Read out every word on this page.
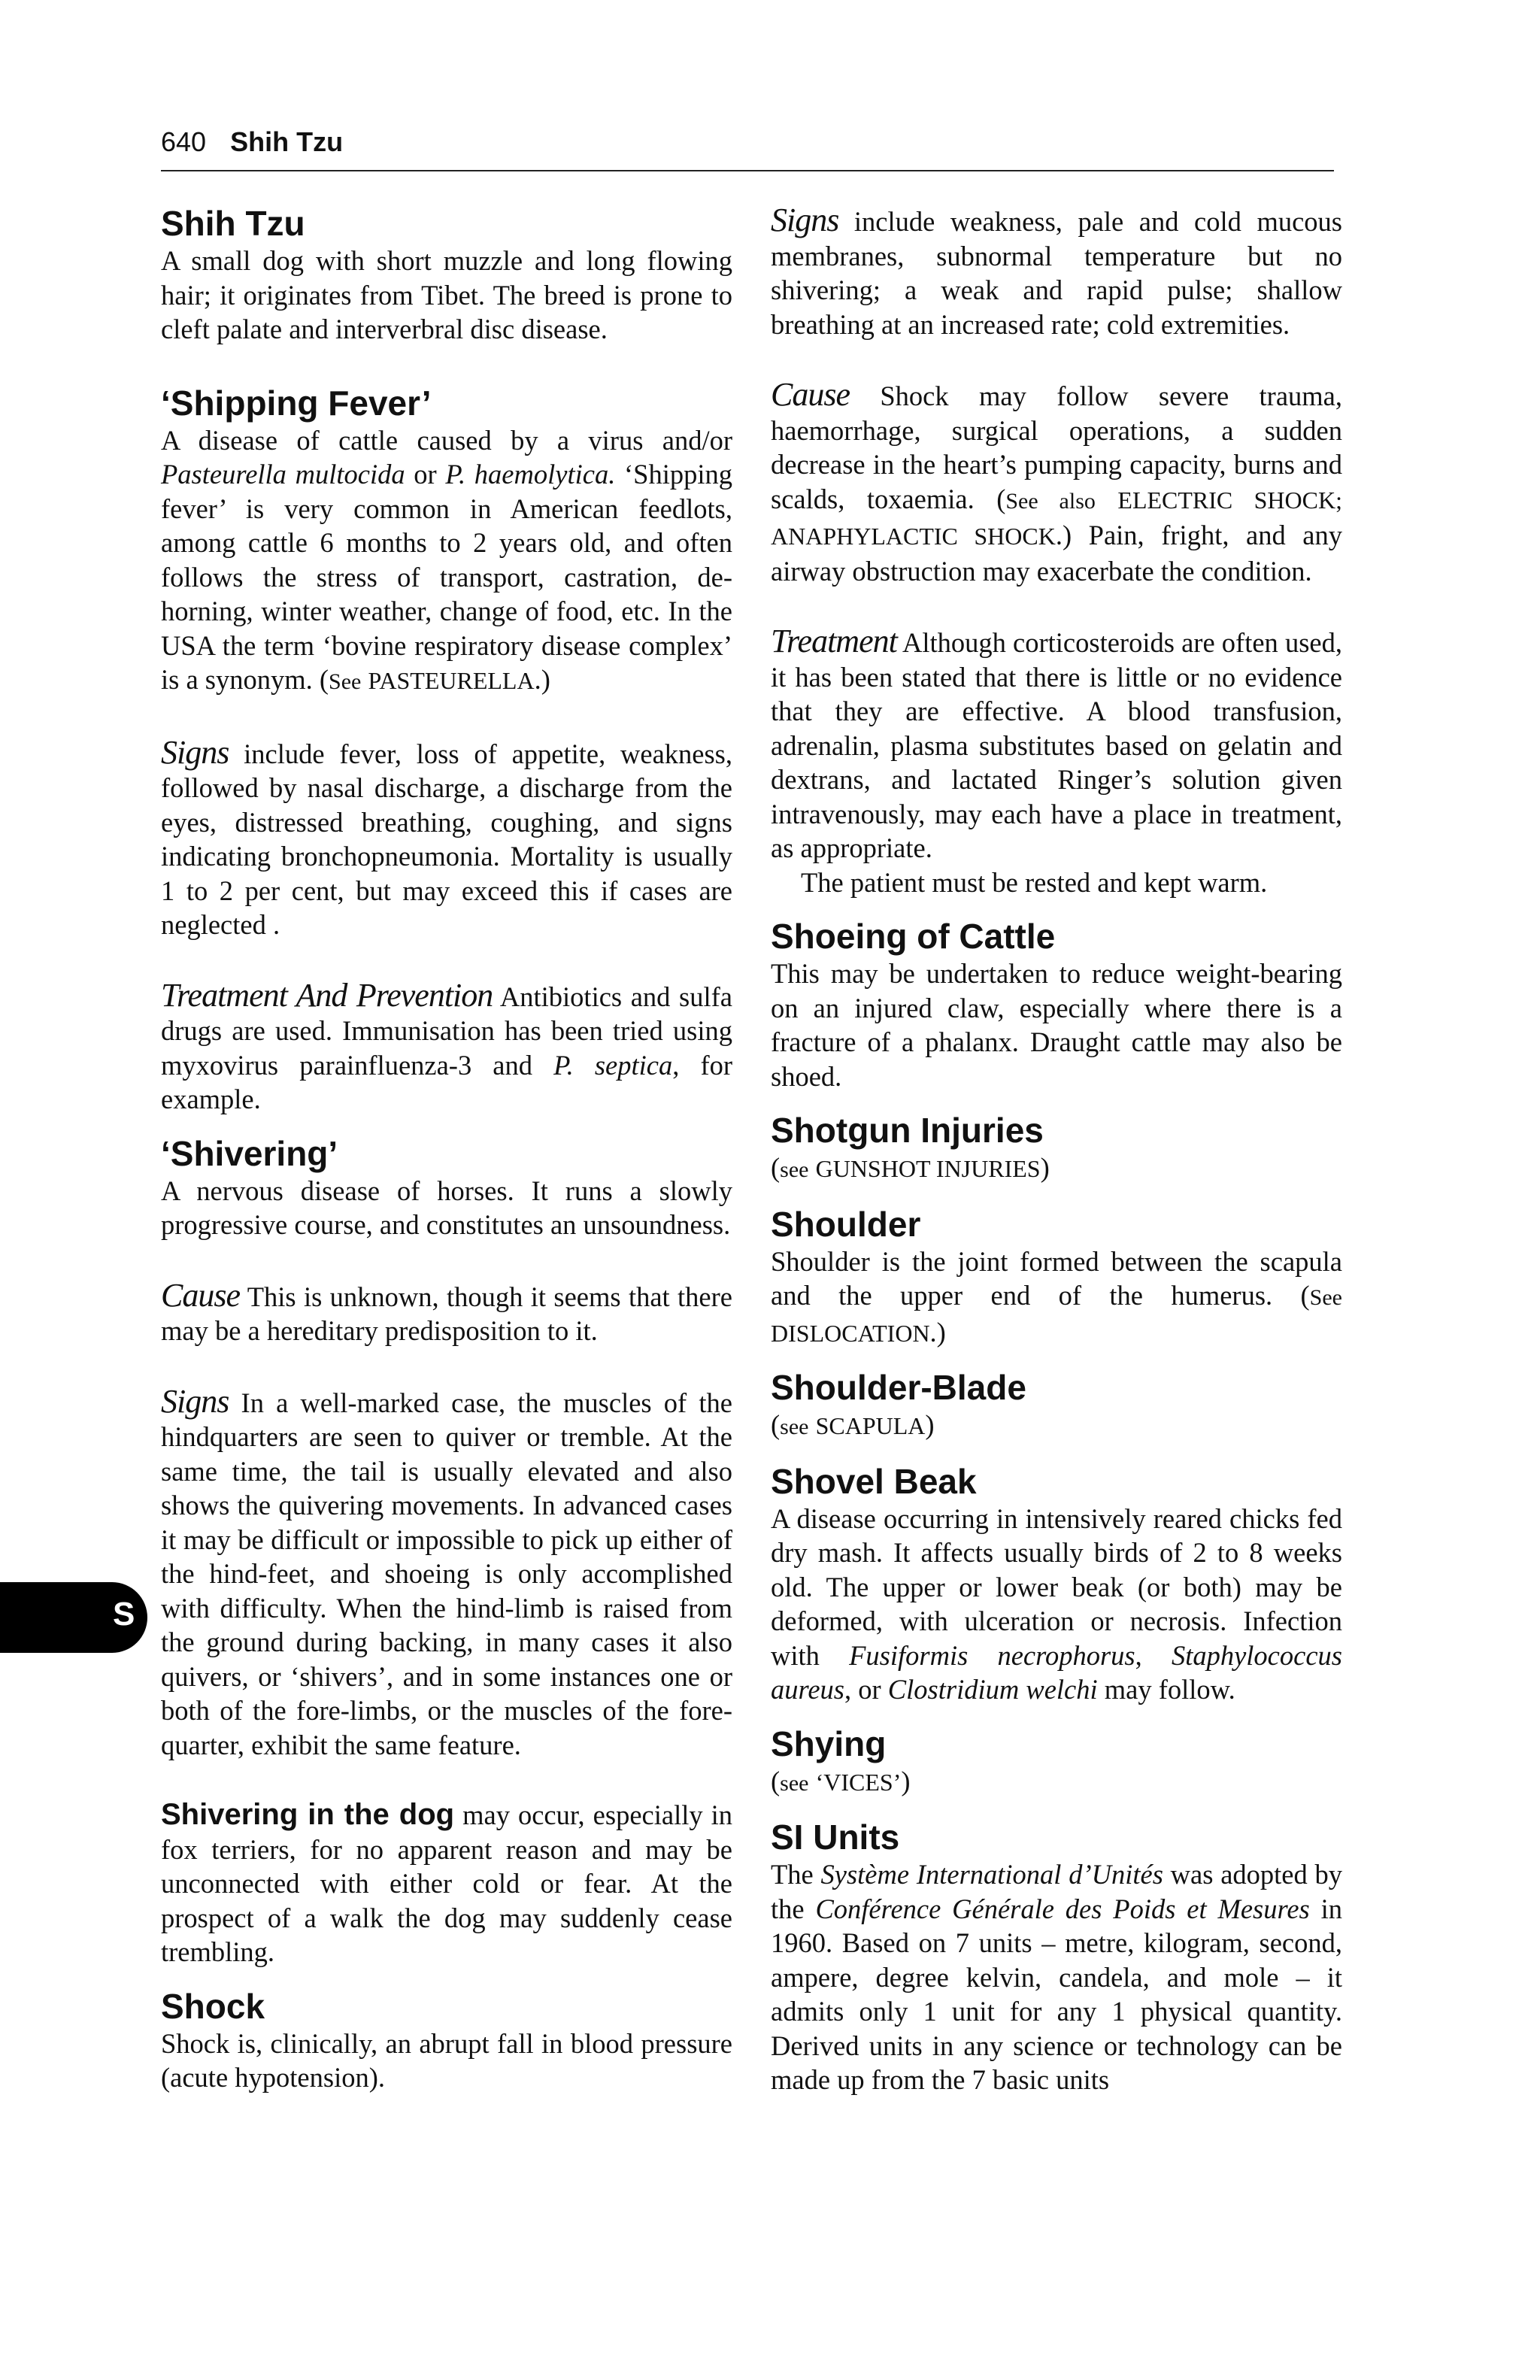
640 Shih Tzu
S
Shih Tzu

A small dog with short muzzle and long flowing hair; it originates from Tibet. The breed is prone to cleft palate and interverbral disc disease.

‘Shipping Fever’

A disease of cattle caused by a virus and/or Pasteurella multocida or P. haemolytica. ‘Shipping fever’ is very common in American feedlots, among cattle 6 months to 2 years old, and often follows the stress of transport, castration, de-horning, winter weather, change of food, etc. In the USA the term ‘bovine respiratory disease complex’ is a synonym. (See PASTEURELLA.)

Signs include fever, loss of appetite, weakness, followed by nasal discharge, a discharge from the eyes, distressed breathing, coughing, and signs indicating bronchopneumonia. Mortality is usually 1 to 2 per cent, but may exceed this if cases are neglected .

Treatment And Prevention Antibiotics and sulfa drugs are used. Immunisation has been tried using myxovirus parainfluenza-3 and P. septica, for example.

‘Shivering’

A nervous disease of horses. It runs a slowly progressive course, and constitutes an unsoundness.

Cause This is unknown, though it seems that there may be a hereditary predisposition to it.

Signs In a well-marked case, the muscles of the hindquarters are seen to quiver or tremble. At the same time, the tail is usually elevated and also shows the quivering movements. In advanced cases it may be difficult or impossible to pick up either of the hind-feet, and shoeing is only accomplished with difficulty. When the hind-limb is raised from the ground during backing, in many cases it also quivers, or ‘shivers’, and in some instances one or both of the fore-limbs, or the muscles of the fore-quarter, exhibit the same feature.

Shivering in the dog may occur, especially in fox terriers, for no apparent reason and may be unconnected with either cold or fear. At the prospect of a walk the dog may suddenly cease trembling.

Shock

Shock is, clinically, an abrupt fall in blood pressure (acute hypotension).

Signs include weakness, pale and cold mucous membranes, subnormal temperature but no shivering; a weak and rapid pulse; shallow breathing at an increased rate; cold extremities.

Cause Shock may follow severe trauma, haemorrhage, surgical operations, a sudden decrease in the heart’s pumping capacity, burns and scalds, toxaemia. (See also ELECTRIC SHOCK; ANAPHYLACTIC SHOCK.) Pain, fright, and any airway obstruction may exacerbate the condition.

Treatment Although corticosteroids are often used, it has been stated that there is little or no evidence that they are effective. A blood transfusion, adrenalin, plasma substitutes based on gelatin and dextrans, and lactated Ringer’s solution given intravenously, may each have a place in treatment, as appropriate.

The patient must be rested and kept warm.

Shoeing of Cattle

This may be undertaken to reduce weight-bearing on an injured claw, especially where there is a fracture of a phalanx. Draught cattle may also be shoed.

Shotgun Injuries

(see GUNSHOT INJURIES)

Shoulder

Shoulder is the joint formed between the scapula and the upper end of the humerus. (See DISLOCATION.)

Shoulder-Blade

(see SCAPULA)

Shovel Beak

A disease occurring in intensively reared chicks fed dry mash. It affects usually birds of 2 to 8 weeks old. The upper or lower beak (or both) may be deformed, with ulceration or necrosis. Infection with Fusiformis necrophorus, Staphylococcus aureus, or Clostridium welchi may follow.

Shying

(see ‘VICES’)

SI Units

The Système International d’Unités was adopted by the Conférence Générale des Poids et Mesures in 1960. Based on 7 units – metre, kilogram, second, ampere, degree kelvin, candela, and mole – it admits only 1 unit for any 1 physical quantity. Derived units in any science or technology can be made up from the 7 basic units
